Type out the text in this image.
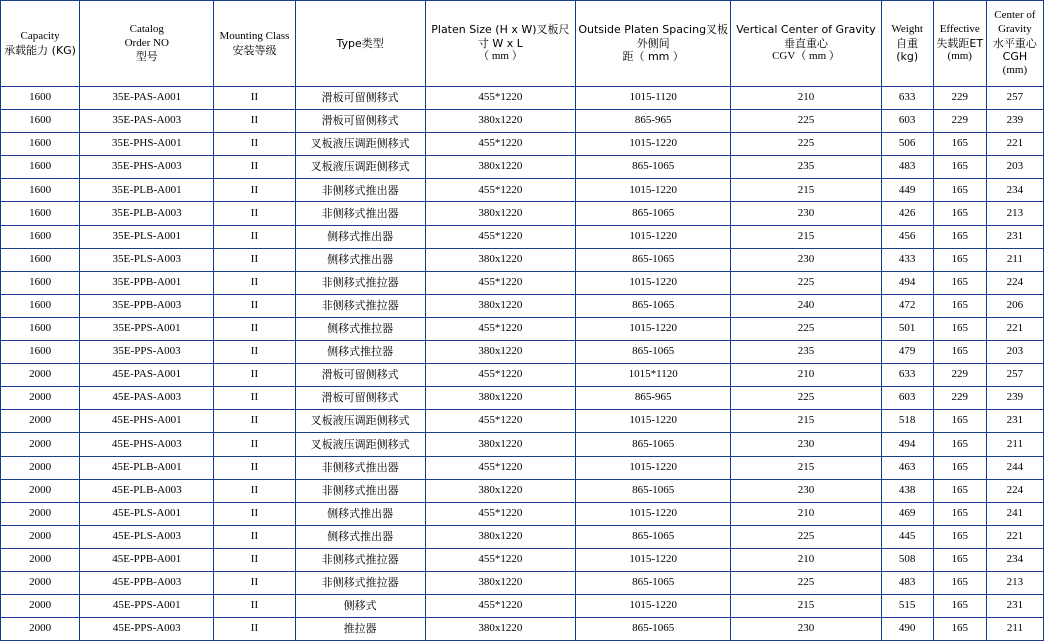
Capacity
承载能力 (KG)	Catalog
Order NO
型号	Mounting Class
安装等级	Type类型	Platen Size (H x W)叉板尺寸 W x L
（ mm ）	Outside Platen Spacing叉板外侧间
距（ mm ）	Vertical Center of Gravity垂直重心
CGV（ mm ）	Weight
自重 (kg)	Effective
失载距ET
(mm)	Center of
Gravity
水平重心CGH
(mm)

1600	35E-PAS-A001	II	滑板可留侧移式	455*1220	1015-1120	210	633	229	257
1600	35E-PAS-A003	II	滑板可留侧移式	380x1220	865-965	225	603	229	239
1600	35E-PHS-A001	II	叉板液压调距侧移式	455*1220	1015-1220	225	506	165	221
1600	35E-PHS-A003	II	叉板液压调距侧移式	380x1220	865-1065	235	483	165	203
1600	35E-PLB-A001	II	非侧移式推出器	455*1220	1015-1220	215	449	165	234
1600	35E-PLB-A003	II	非侧移式推出器	380x1220	865-1065	230	426	165	213
1600	35E-PLS-A001	II	侧移式推出器	455*1220	1015-1220	215	456	165	231
1600	35E-PLS-A003	II	侧移式推出器	380x1220	865-1065	230	433	165	211
1600	35E-PPB-A001	II	非侧移式推拉器	455*1220	1015-1220	225	494	165	224
1600	35E-PPB-A003	II	非侧移式推拉器	380x1220	865-1065	240	472	165	206
1600	35E-PPS-A001	II	侧移式推拉器	455*1220	1015-1220	225	501	165	221
1600	35E-PPS-A003	II	侧移式推拉器	380x1220	865-1065	235	479	165	203
2000	45E-PAS-A001	II	滑板可留侧移式	455*1220	1015*1120	210	633	229	257
2000	45E-PAS-A003	II	滑板可留侧移式	380x1220	865-965	225	603	229	239
2000	45E-PHS-A001	II	叉板液压调距侧移式	455*1220	1015-1220	215	518	165	231
2000	45E-PHS-A003	II	叉板液压调距侧移式	380x1220	865-1065	230	494	165	211
2000	45E-PLB-A001	II	非侧移式推出器	455*1220	1015-1220	215	463	165	244
2000	45E-PLB-A003	II	非侧移式推出器	380x1220	865-1065	230	438	165	224
2000	45E-PLS-A001	II	侧移式推出器	455*1220	1015-1220	210	469	165	241
2000	45E-PLS-A003	II	侧移式推出器	380x1220	865-1065	225	445	165	221
2000	45E-PPB-A001	II	非侧移式推拉器	455*1220	1015-1220	210	508	165	234
2000	45E-PPB-A003	II	非侧移式推拉器	380x1220	865-1065	225	483	165	213
2000	45E-PPS-A001	II	侧移式	455*1220	1015-1220	215	515	165	231
2000	45E-PPS-A003	II	推拉器	380x1220	865-1065	230	490	165	211
